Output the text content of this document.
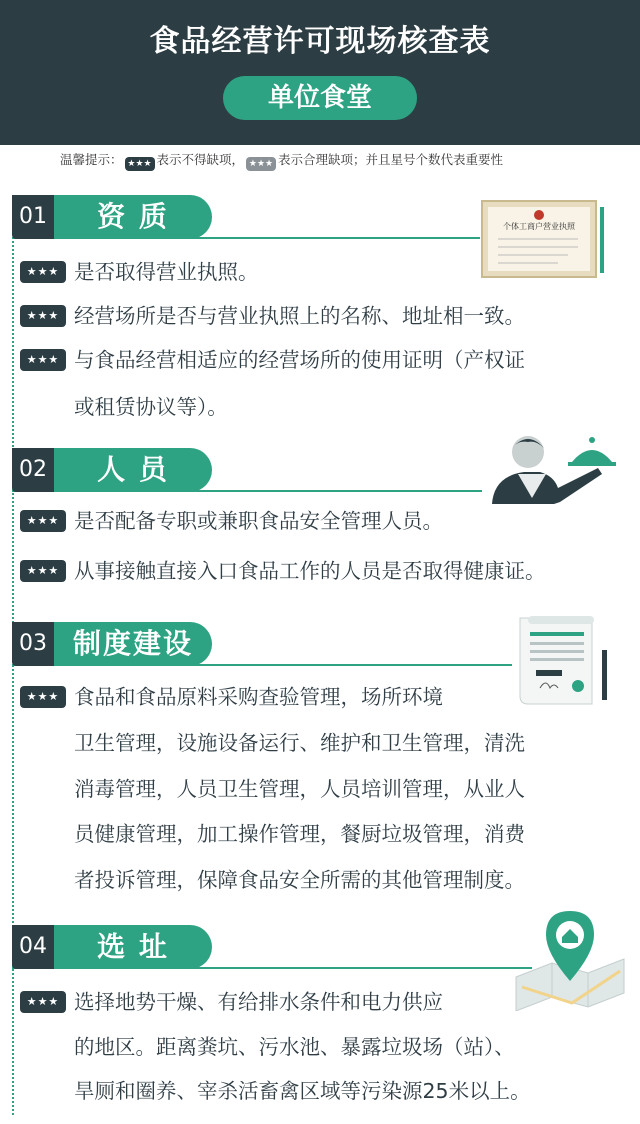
食品经营许可现场核查表
单位食堂
温馨提示： ★★★ 表示不得缺项， ★★★ 表示合理缺项；并且星号个数代表重要性
01	资 质	个体工商户营业执照
★★★ 是否取得营业执照。
★★★ 经营场所是否与营业执照上的名称、地址相一致。
★★★ 与食品经营相适应的经营场所的使用证明（产权证
或租赁协议等）。
02	人 员
★★★ 是否配备专职或兼职食品安全管理人员。
★★★ 从事接触直接入口食品工作的人员是否取得健康证。
03 制度建设
★★★ 食品和食品原料采购查验管理，场所环境
卫生管理，设施设备运行、维护和卫生管理，清洗
消毒管理，人员卫生管理，人员培训管理，从业人
员健康管理，加工操作管理，餐厨垃圾管理，消费
者投诉管理，保障食品安全所需的其他管理制度。
04	选 址
★★★ 选择地势干燥、有给排水条件和电力供应
的地区。距离粪坑、污水池、暴露垃圾场（站）、
旱厕和圈养、宰杀活畜禽区域等污染源25米以上。
